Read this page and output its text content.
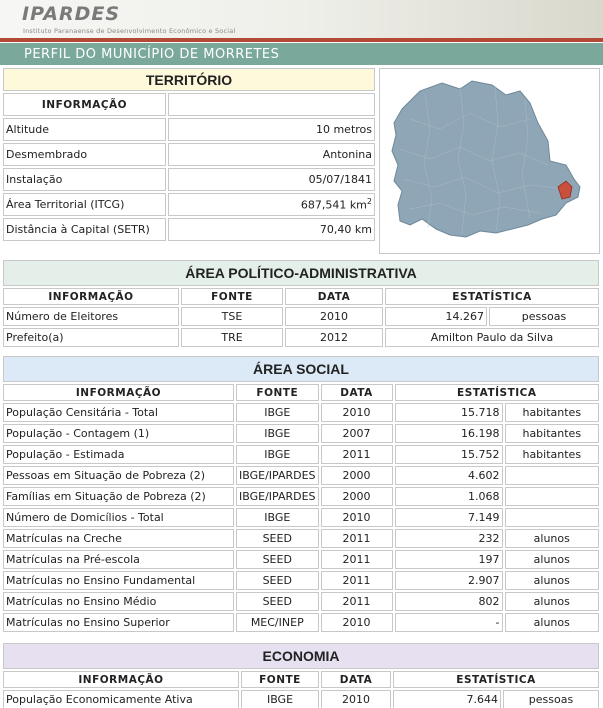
IPARDES
Instituto Paranaense de Desenvolvimento Econômico e Social
PERFIL DO MUNICÍPIO DE MORRETES
TERRITÓRIO	
INFORMAÇÃO	
Altitude	10 metros
Desmembrado	Antonina
Instalação	05/07/1841
Área Territorial (ITCG)	687,541 $km^2$
Distância à Capital (SETR)	70,40 km
ÁREA POLÍTICO-ADMINISTRATIVA				
INFORMAÇÃO	FONTE	DATA	ESTATÍSTICA	
Número de Eleitores	TSE	2010	14.267	pessoas
Prefeito(a)	TRE	2012	Amilton Paulo da Silva	
ÁREA SOCIAL				
INFORMAÇÃO	FONTE	DATA	ESTATÍSTICA	
População Censitária - Total	IBGE	2010	15.718	habitantes
População - Contagem (1)	IBGE	2007	16.198	habitantes
População - Estimada	IBGE	2011	15.752	habitantes
Pessoas em Situação de Pobreza (2)	IBGE/IPARDES	2000	4.602	
Famílias em Situação de Pobreza (2)	IBGE/IPARDES	2000	1.068	
Número de Domicílios - Total	IBGE	2010	7.149	
Matrículas na Creche	SEED	2011	232	alunos
Matrículas na Pré-escola	SEED	2011	197	alunos
Matrículas no Ensino Fundamental	SEED	2011	2.907	alunos
Matrículas no Ensino Médio	SEED	2011	802	alunos
Matrículas no Ensino Superior	MEC/INEP	2010	-	alunos
ECONOMIA				
INFORMAÇÃO	FONTE	DATA	ESTATÍSTICA	
População Economicamente Ativa	IBGE	2010	7.644	pessoas
